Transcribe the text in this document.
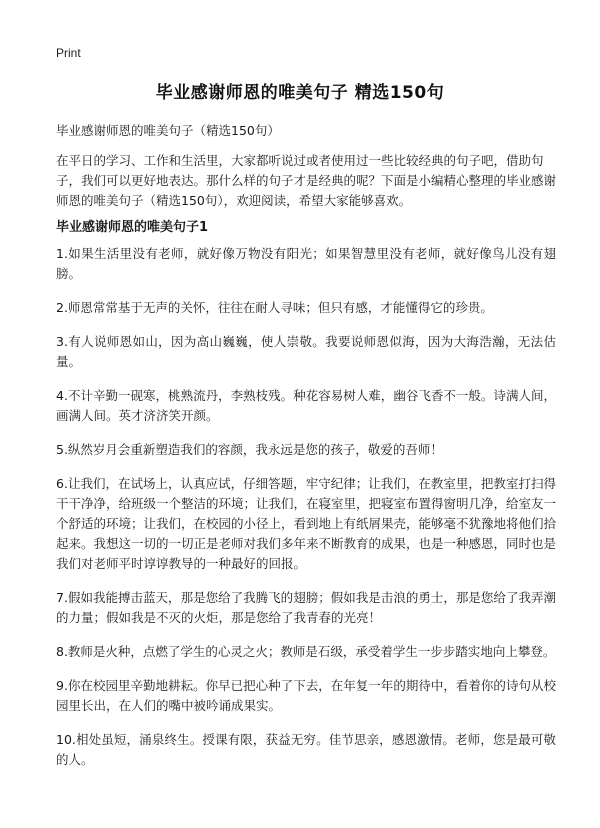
Print
毕业感谢师恩的唯美句子 精选150句
毕业感谢师恩的唯美句子（精选150句）
在平日的学习、工作和生活里，大家都听说过或者使用过一些比较经典的句子吧，借助句子，我们可以更好地表达。那什么样的句子才是经典的呢？下面是小编精心整理的毕业感谢师恩的唯美句子（精选150句），欢迎阅读，希望大家能够喜欢。
毕业感谢师恩的唯美句子1
1.如果生活里没有老师，就好像万物没有阳光；如果智慧里没有老师，就好像鸟儿没有翅膀。
2.师恩常常基于无声的关怀，往往在耐人寻味；但只有感，才能懂得它的珍贵。
3.有人说师恩如山，因为高山巍巍，使人崇敬。我要说师恩似海，因为大海浩瀚，无法估量。
4.不计辛勤一砚寒，桃熟流丹，李熟枝残。种花容易树人难，幽谷飞香不一般。诗满人间，画满人间。英才济济笑开颜。
5.纵然岁月会重新塑造我们的容颜，我永远是您的孩子，敬爱的吾师！
6.让我们，在试场上，认真应试，仔细答题，牢守纪律；让我们，在教室里，把教室打扫得干干净净，给班级一个整洁的环境；让我们，在寝室里，把寝室布置得窗明几净，给室友一个舒适的环境；让我们，在校园的小径上，看到地上有纸屑果壳，能够毫不犹豫地将他们拾起来。我想这一切的一切正是老师对我们多年来不断教育的成果，也是一种感恩，同时也是我们对老师平时谆谆教导的一种最好的回报。
7.假如我能搏击蓝天，那是您给了我腾飞的翅膀；假如我是击浪的勇士，那是您给了我弄潮的力量；假如我是不灭的火炬，那是您给了我青春的光亮！
8.教师是火种，点燃了学生的心灵之火；教师是石级，承受着学生一步步踏实地向上攀登。
9.你在校园里辛勤地耕耘。你早已把心种了下去，在年复一年的期待中，看着你的诗句从校园里长出，在人们的嘴中被吟诵成果实。
10.相处虽短，涌泉终生。授课有限，获益无穷。佳节思亲，感恩激情。老师，您是最可敬的人。
